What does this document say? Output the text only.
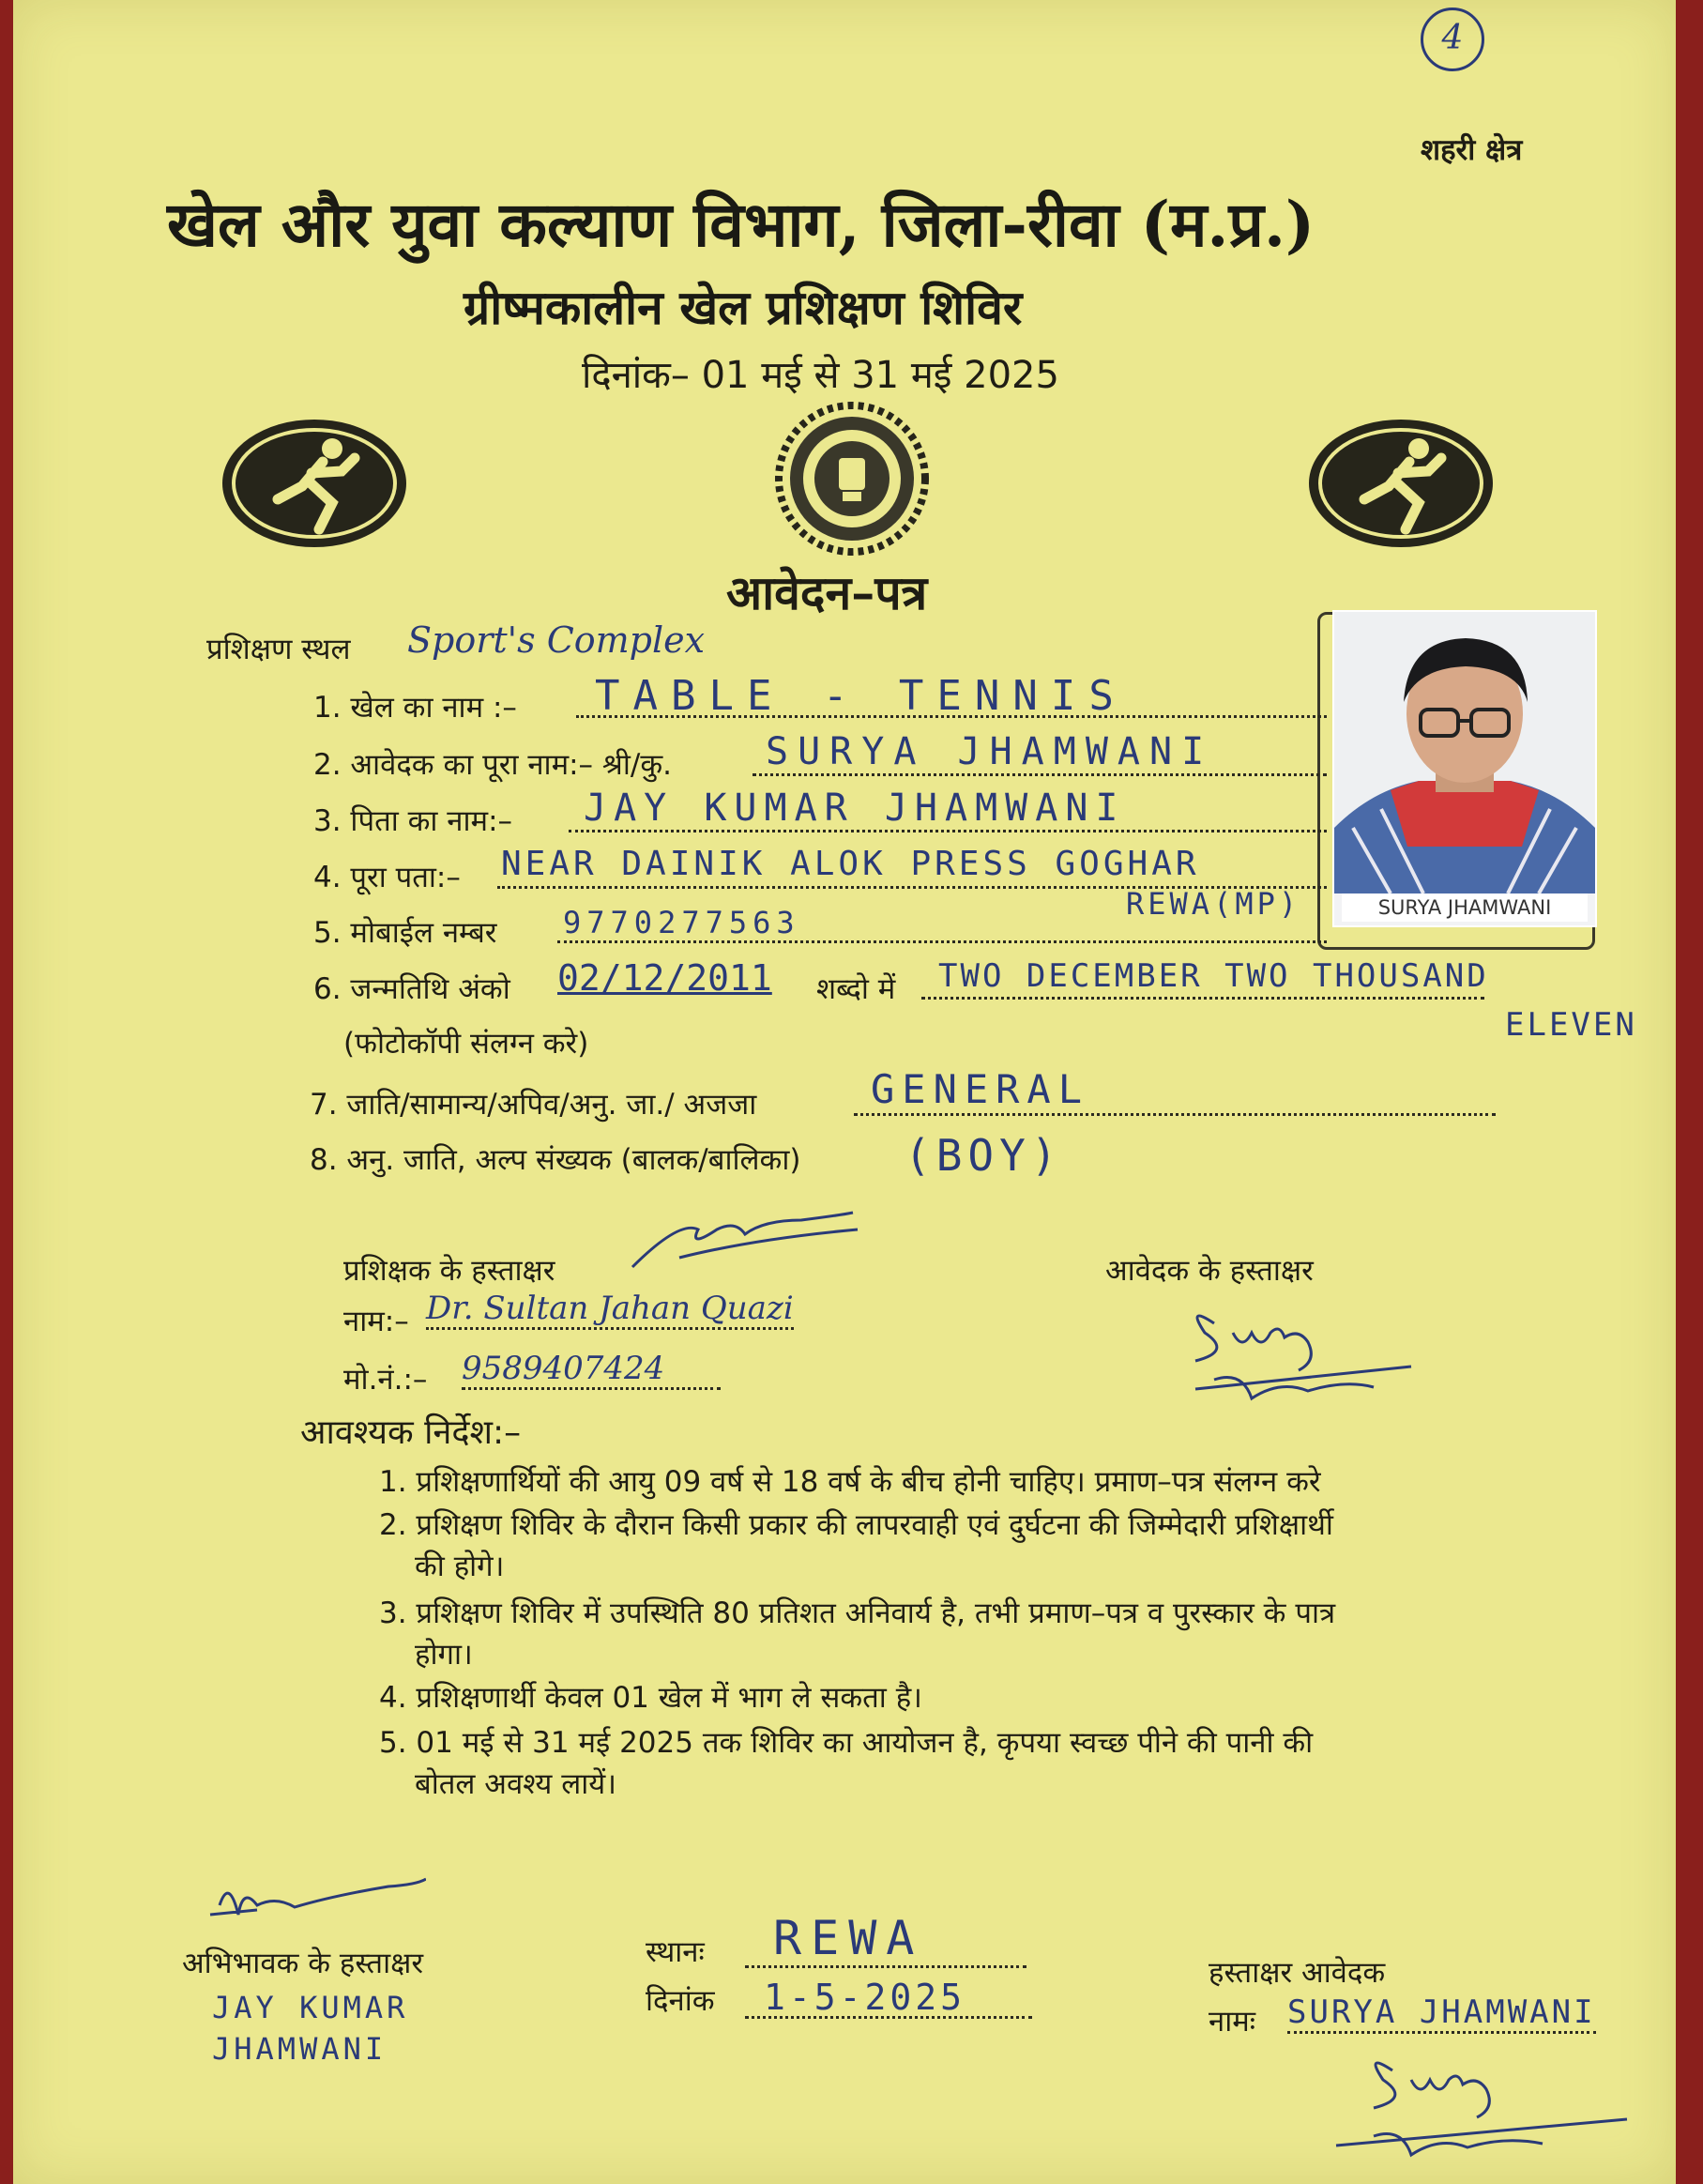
4
शहरी क्षेत्र
खेल और युवा कल्याण विभाग, जिला-रीवा (म.प्र.)
ग्रीष्मकालीन खेल प्रशिक्षण शिविर
दिनांक– 01 मई से 31 मई 2025
आवेदन–पत्र
SURYA JHAMWANI
प्रशिक्षण स्थल Sport's Complex
1. खेल का नाम :– TABLE - TENNIS
2. आवेदक का पूरा नाम:– श्री/कु.	SURYA JHAMWANI
3. पिता का नाम:– JAY KUMAR JHAMWANI
4. पूरा पता:– NEAR DAINIK ALOK PRESS GOGHAR
REWA(MP)
5. मोबाईल नम्बर 9770277563
6. जन्मतिथि अंको 02/12/2011 शब्दो में TWO DECEMBER TWO THOUSAND
ELEVEN
(फोटोकॉपी संलग्न करे)
7. जाति/सामान्य/अपिव/अनु. जा./ अजजा	GENERAL
8. अनु. जाति, अल्प संख्यक (बालक/बालिका) (BOY)
प्रशिक्षक के हस्ताक्षर
नाम:– Dr. Sultan Jahan Quazi
मो.नं.:– 9589407424
आवेदक के हस्ताक्षर
आवश्यक निर्देश:–
1. प्रशिक्षणार्थियों की आयु 09 वर्ष से 18 वर्ष के बीच होनी चाहिए। प्रमाण–पत्र संलग्न करे
2. प्रशिक्षण शिविर के दौरान किसी प्रकार की लापरवाही एवं दुर्घटना की जिम्मेदारी प्रशिक्षार्थी
की होगे।
3. प्रशिक्षण शिविर में उपस्थिति 80 प्रतिशत अनिवार्य है, तभी प्रमाण–पत्र व पुरस्कार के पात्र
होगा।
4. प्रशिक्षणार्थी केवल 01 खेल में भाग ले सकता है।
5. 01 मई से 31 मई 2025 तक शिविर का आयोजन है, कृपया स्वच्छ पीने की पानी की
बोतल अवश्य लायें।
अभिभावक के हस्ताक्षर
JAY KUMAR
JHAMWANI
स्थानः REWA
दिनांक 1-5-2025
हस्ताक्षर आवेदक
नामः SURYA JHAMWANI
